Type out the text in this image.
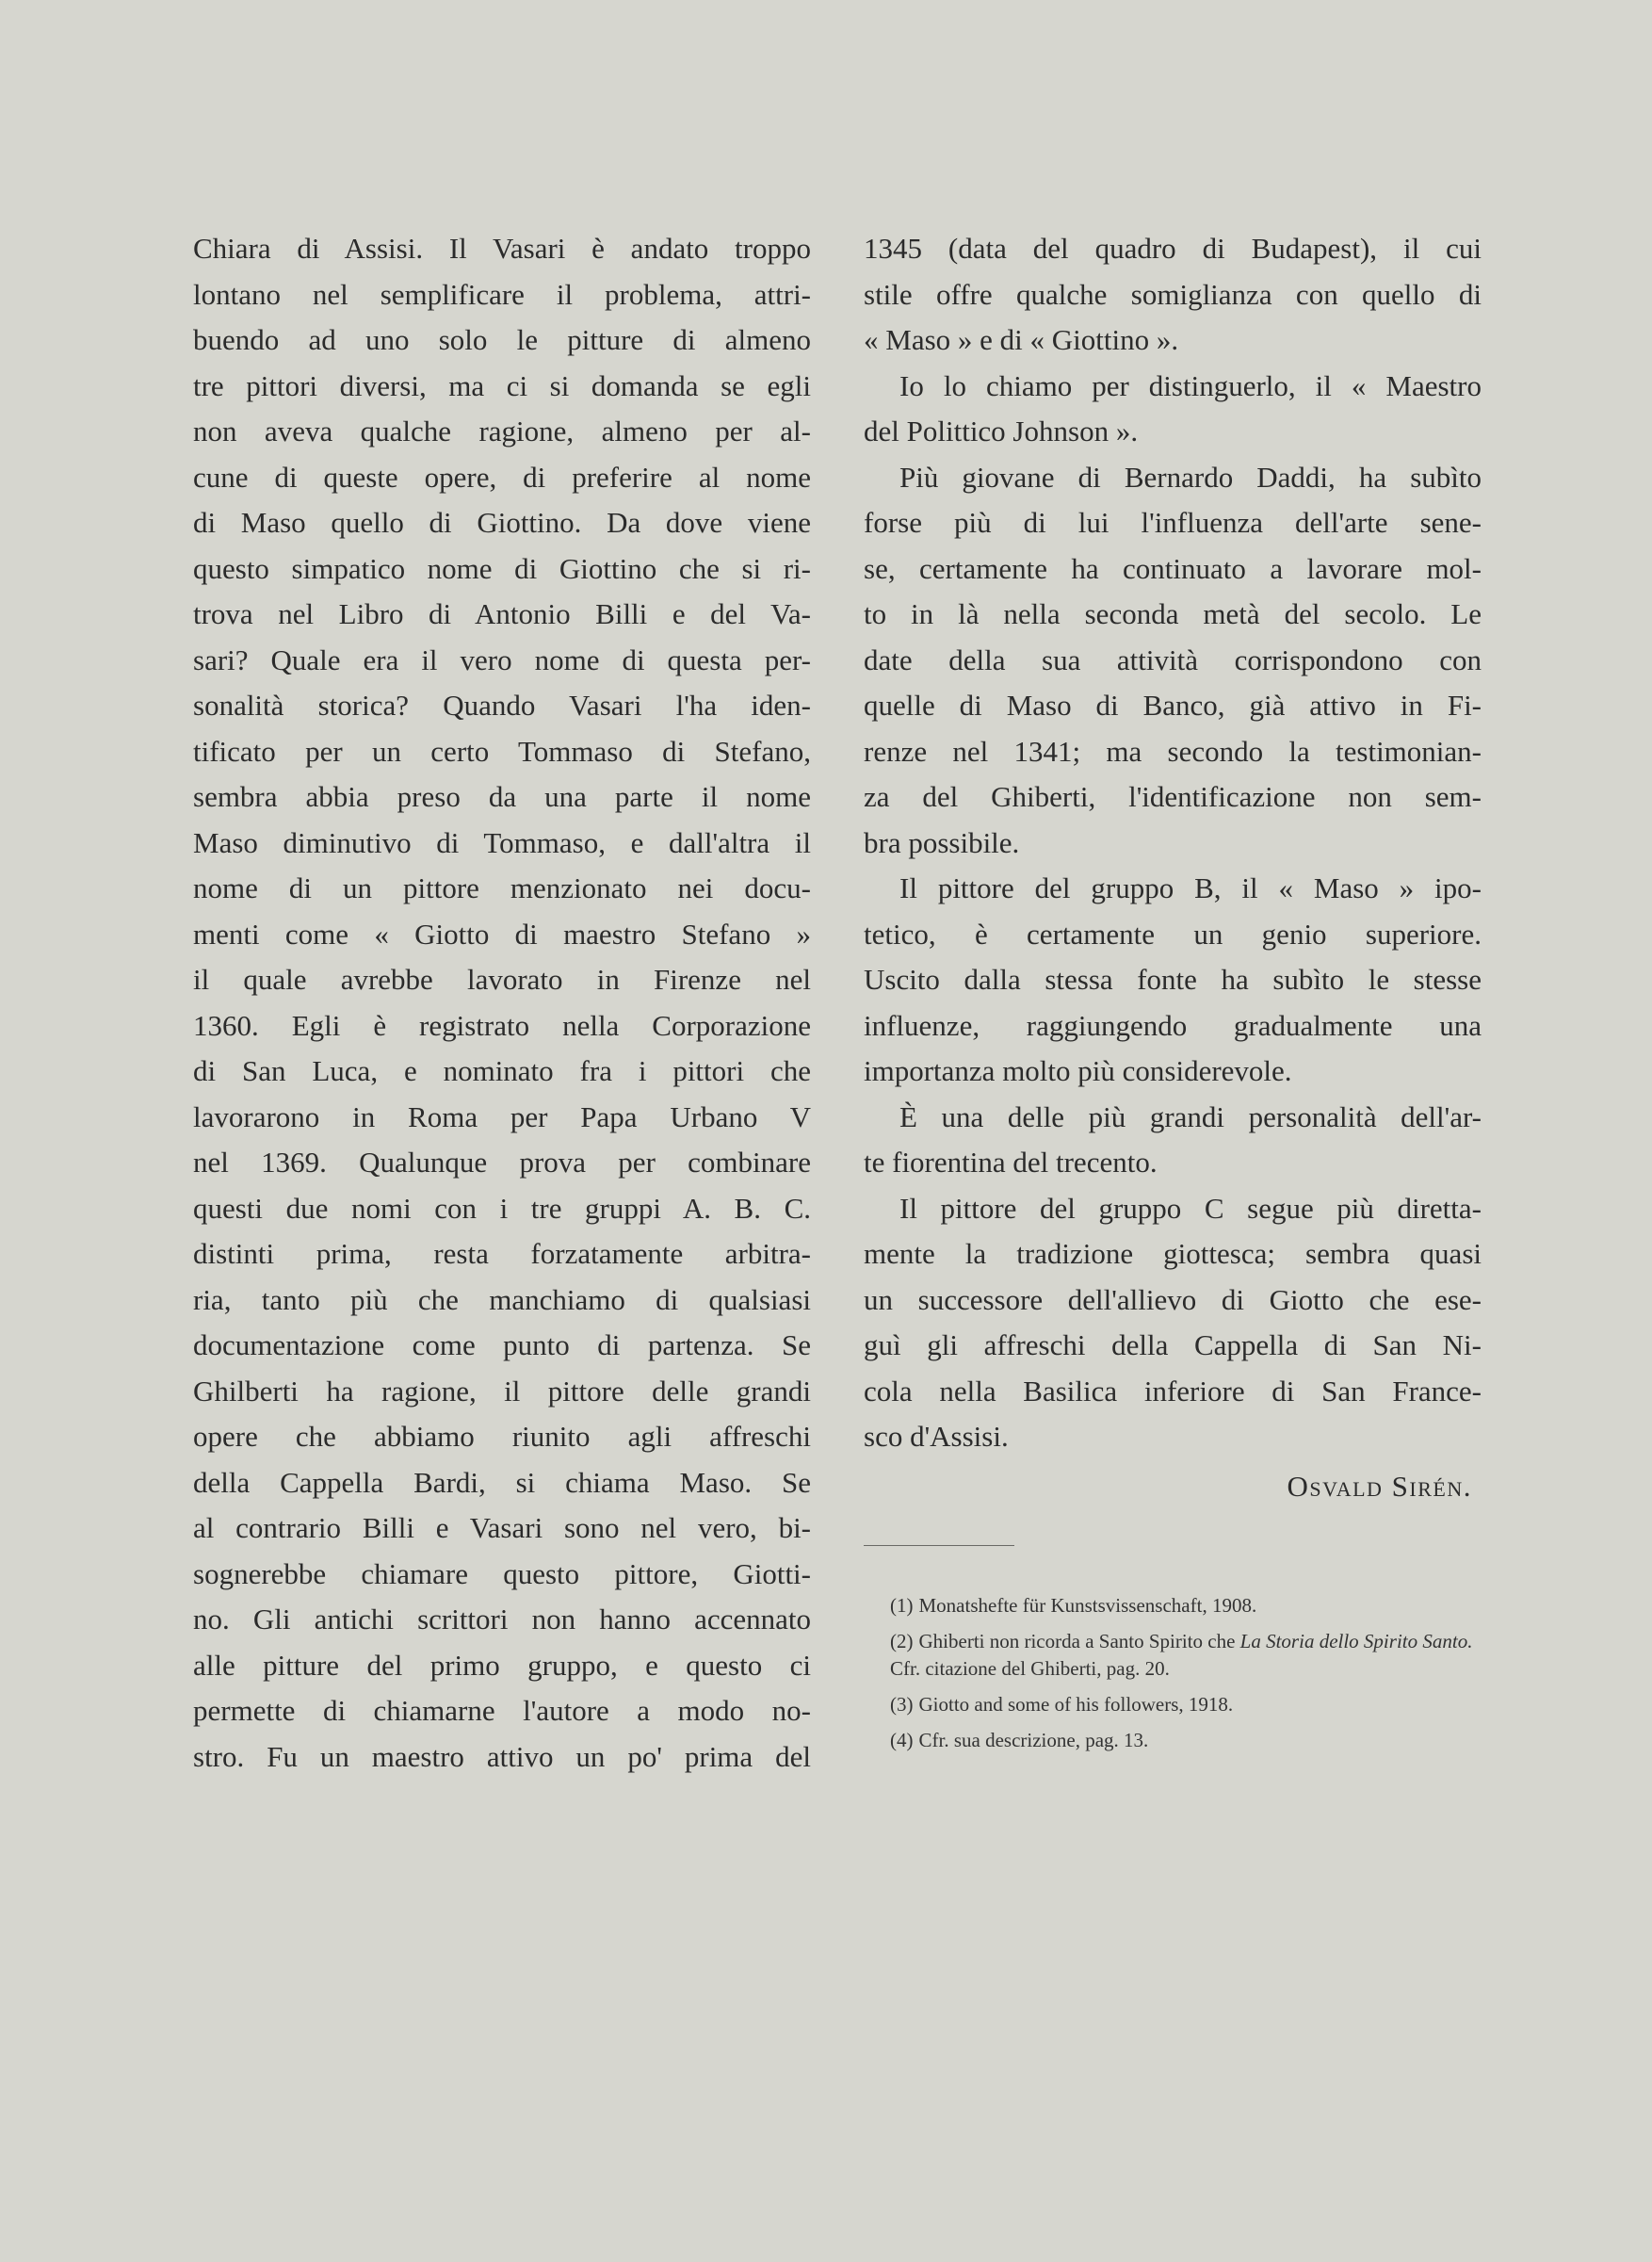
Chiara di Assisi. Il Vasari è andato troppo
lontano nel semplificare il problema, attri-
buendo ad uno solo le pitture di almeno
tre pittori diversi, ma ci si domanda se egli
non aveva qualche ragione, almeno per al-
cune di queste opere, di preferire al nome
di Maso quello di Giottino. Da dove viene
questo simpatico nome di Giottino che si ri-
trova nel Libro di Antonio Billi e del Va-
sari? Quale era il vero nome di questa per-
sonalità storica? Quando Vasari l'ha iden-
tificato per un certo Tommaso di Stefano,
sembra abbia preso da una parte il nome
Maso diminutivo di Tommaso, e dall'altra il
nome di un pittore menzionato nei docu-
menti come « Giotto di maestro Stefano »
il quale avrebbe lavorato in Firenze nel
1360. Egli è registrato nella Corporazione
di San Luca, e nominato fra i pittori che
lavorarono in Roma per Papa Urbano V
nel 1369. Qualunque prova per combinare
questi due nomi con i tre gruppi A. B. C.
distinti prima, resta forzatamente arbitra-
ria, tanto più che manchiamo di qualsiasi
documentazione come punto di partenza. Se
Ghilberti ha ragione, il pittore delle grandi
opere che abbiamo riunito agli affreschi
della Cappella Bardi, si chiama Maso. Se
al contrario Billi e Vasari sono nel vero, bi-
sognerebbe chiamare questo pittore, Giotti-
no. Gli antichi scrittori non hanno accennato
alle pitture del primo gruppo, e questo ci
permette di chiamarne l'autore a modo no-
stro. Fu un maestro attivo un po' prima del
1345 (data del quadro di Budapest), il cui
stile offre qualche somiglianza con quello di
« Maso » e di « Giottino ».
Io lo chiamo per distinguerlo, il « Maestro
del Polittico Johnson ».
Più giovane di Bernardo Daddi, ha subìto
forse più di lui l'influenza dell'arte sene-
se, certamente ha continuato a lavorare mol-
to in là nella seconda metà del secolo. Le
date della sua attività corrispondono con
quelle di Maso di Banco, già attivo in Fi-
renze nel 1341; ma secondo la testimonian-
za del Ghiberti, l'identificazione non sem-
bra possibile.
Il pittore del gruppo B, il « Maso » ipo-
tetico, è certamente un genio superiore.
Uscito dalla stessa fonte ha subìto le stesse
influenze, raggiungendo gradualmente una
importanza molto più considerevole.
È una delle più grandi personalità dell'ar-
te fiorentina del trecento.
Il pittore del gruppo C segue più diretta-
mente la tradizione giottesca; sembra quasi
un successore dell'allievo di Giotto che ese-
guì gli affreschi della Cappella di San Ni-
cola nella Basilica inferiore di San France-
sco d'Assisi.
Osvald Sirén.
(1) Monatshefte für Kunstsvissenschaft, 1908.
(2) Ghiberti non ricorda a Santo Spirito che La Storia dello Spirito Santo. Cfr. citazione del Ghiberti, pag. 20.
(3) Giotto and some of his followers, 1918.
(4) Cfr. sua descrizione, pag. 13.
